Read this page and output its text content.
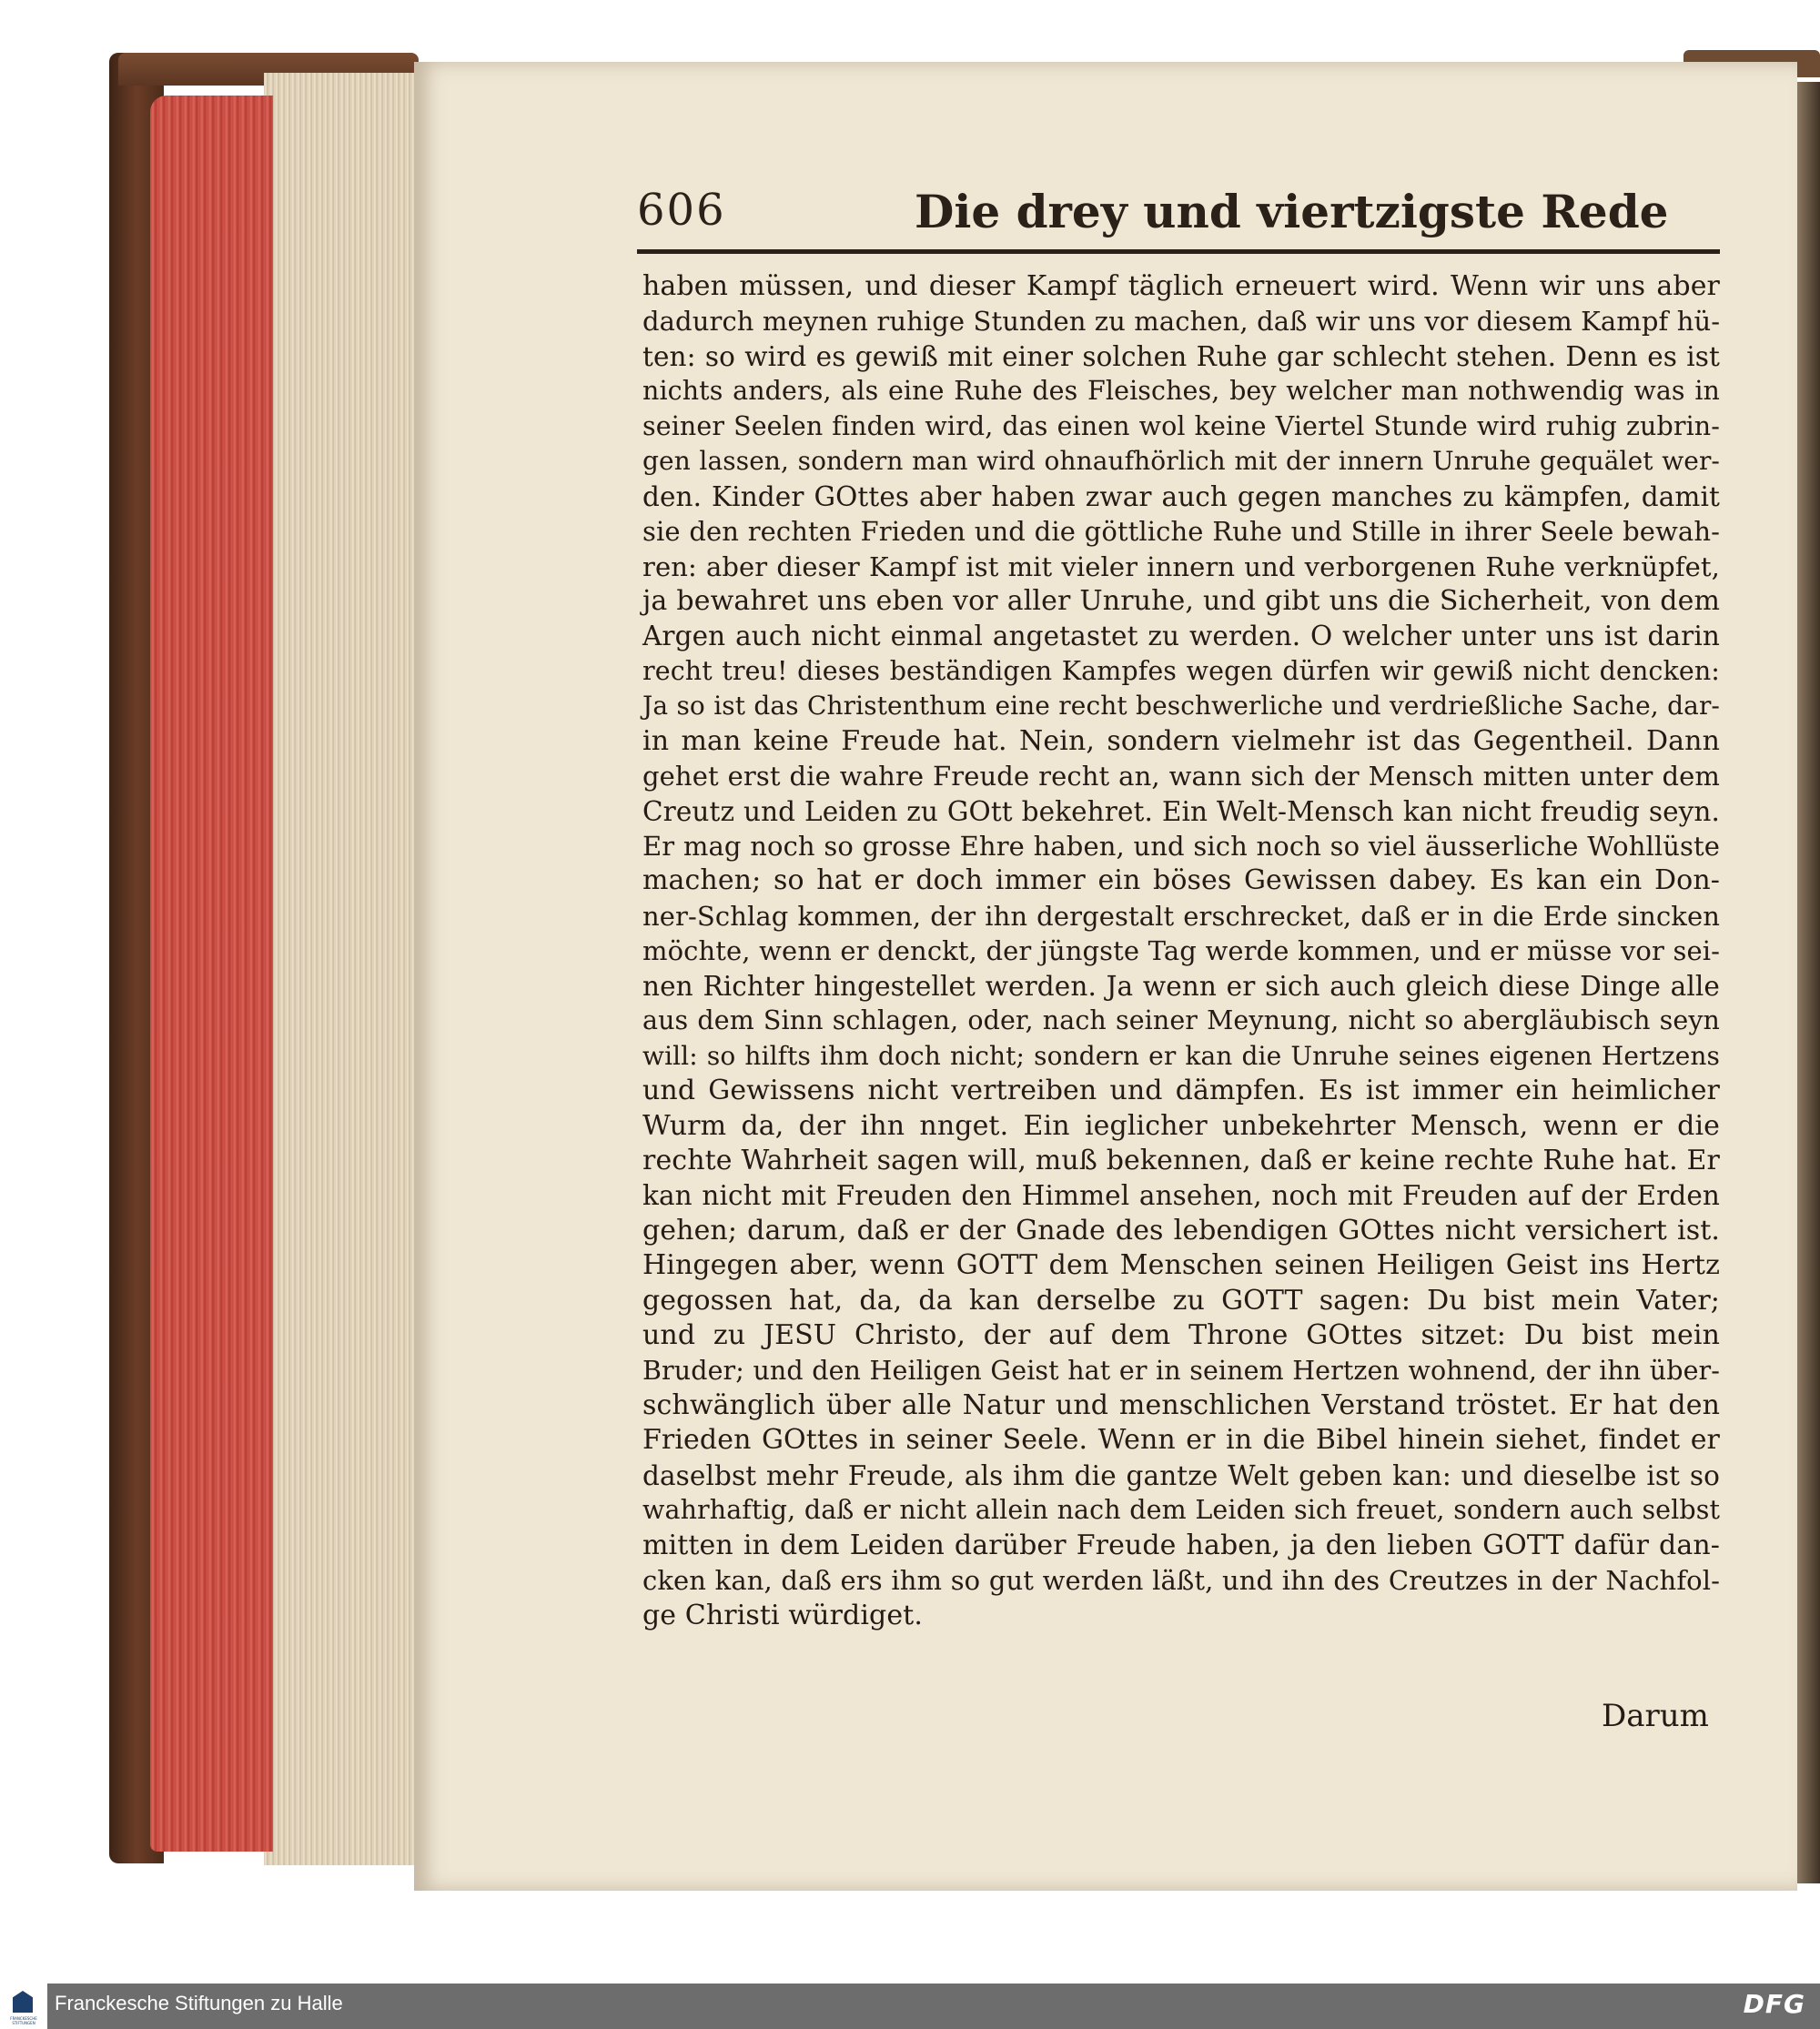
606	Die drey und viertzigste Rede
haben müssen, und dieser Kampf täglich erneuert wird. Wenn wir uns aber
dadurch meynen ruhige Stunden zu machen, daß wir uns vor diesem Kampf hü-
ten: so wird es gewiß mit einer solchen Ruhe gar schlecht stehen. Denn es ist
nichts anders, als eine Ruhe des Fleisches, bey welcher man nothwendig was in
seiner Seelen finden wird, das einen wol keine Viertel Stunde wird ruhig zubrin-
gen lassen, sondern man wird ohnaufhörlich mit der innern Unruhe gequälet wer-
den. Kinder GOttes aber haben zwar auch gegen manches zu kämpfen, damit
sie den rechten Frieden und die göttliche Ruhe und Stille in ihrer Seele bewah-
ren: aber dieser Kampf ist mit vieler innern und verborgenen Ruhe verknüpfet,
ja bewahret uns eben vor aller Unruhe, und gibt uns die Sicherheit, von dem
Argen auch nicht einmal angetastet zu werden. O welcher unter uns ist darin
recht treu! dieses beständigen Kampfes wegen dürfen wir gewiß nicht dencken:
Ja so ist das Christenthum eine recht beschwerliche und verdrießliche Sache, dar-
in man keine Freude hat. Nein, sondern vielmehr ist das Gegentheil. Dann
gehet erst die wahre Freude recht an, wann sich der Mensch mitten unter dem
Creutz und Leiden zu GOtt bekehret. Ein Welt-Mensch kan nicht freudig seyn.
Er mag noch so grosse Ehre haben, und sich noch so viel äusserliche Wohllüste
machen; so hat er doch immer ein böses Gewissen dabey. Es kan ein Don-
ner-Schlag kommen, der ihn dergestalt erschrecket, daß er in die Erde sincken
möchte, wenn er denckt, der jüngste Tag werde kommen, und er müsse vor sei-
nen Richter hingestellet werden. Ja wenn er sich auch gleich diese Dinge alle
aus dem Sinn schlagen, oder, nach seiner Meynung, nicht so abergläubisch seyn
will: so hilfts ihm doch nicht; sondern er kan die Unruhe seines eigenen Hertzens
und Gewissens nicht vertreiben und dämpfen. Es ist immer ein heimlicher
Wurm da, der ihn nnget. Ein ieglicher unbekehrter Mensch, wenn er die
rechte Wahrheit sagen will, muß bekennen, daß er keine rechte Ruhe hat. Er
kan nicht mit Freuden den Himmel ansehen, noch mit Freuden auf der Erden
gehen; darum, daß er der Gnade des lebendigen GOttes nicht versichert ist.
Hingegen aber, wenn GOTT dem Menschen seinen Heiligen Geist ins Hertz
gegossen hat, da, da kan derselbe zu GOTT sagen: Du bist mein Vater;
und zu JESU Christo, der auf dem Throne GOttes sitzet: Du bist mein
Bruder; und den Heiligen Geist hat er in seinem Hertzen wohnend, der ihn über-
schwänglich über alle Natur und menschlichen Verstand tröstet. Er hat den
Frieden GOttes in seiner Seele. Wenn er in die Bibel hinein siehet, findet er
daselbst mehr Freude, als ihm die gantze Welt geben kan: und dieselbe ist so
wahrhaftig, daß er nicht allein nach dem Leiden sich freuet, sondern auch selbst
mitten in dem Leiden darüber Freude haben, ja den lieben GOTT dafür dan-
cken kan, daß ers ihm so gut werden läßt, und ihn des Creutzes in der Nachfol-
ge Christi würdiget.
Darum
FRANCKESCHE STIFTUNGEN
Franckesche Stiftungen zu Halle	DFG
